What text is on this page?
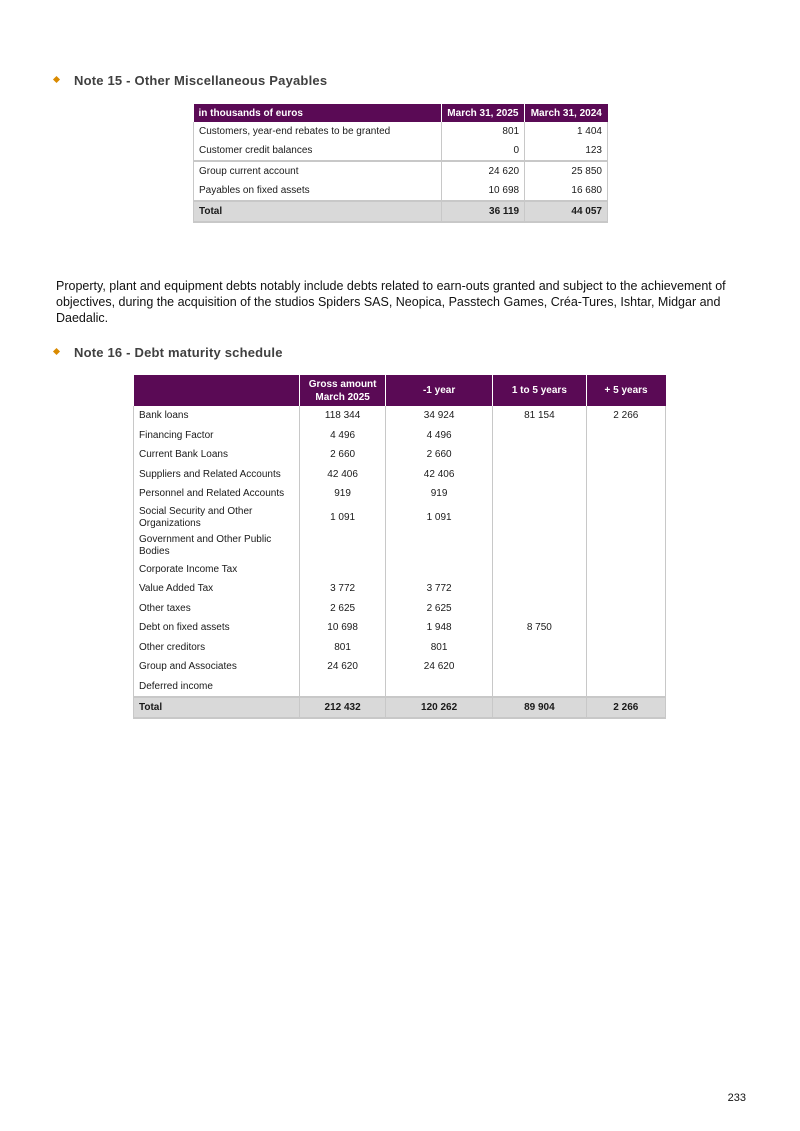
Note 15 - Other Miscellaneous Payables
in thousands of euros	March 31, 2025	March 31, 2024
Customers, year-end rebates to be granted	801	1 404
Customer credit balances	0	123
Group current account	24 620	25 850
Payables on fixed assets	10 698	16 680
Total	36 119	44 057

Property, plant and equipment debts notably include debts related to earn-outs granted and subject to the achievement of objectives, during the acquisition of the studios Spiders SAS, Neopica, Passtech Games, Créa-Tures, Ishtar, Midgar and Daedalic.

Note 16 - Debt maturity schedule
	Gross amount March 2025	-1 year	1 to 5 years	+ 5 years
Bank loans	118 344	34 924	81 154	2 266
Financing Factor	4 496	4 496		
Current Bank Loans	2 660	2 660		
Suppliers and Related Accounts	42 406	42 406		
Personnel and Related Accounts	919	919		
Social Security and Other Organizations	1 091	1 091		
Government and Other Public Bodies				
Corporate Income Tax				
Value Added Tax	3 772	3 772		
Other taxes	2 625	2 625		
Debt on fixed assets	10 698	1 948	8 750	
Other creditors	801	801		
Group and Associates	24 620	24 620		
Deferred income				
Total	212 432	120 262	89 904	2 266
233
